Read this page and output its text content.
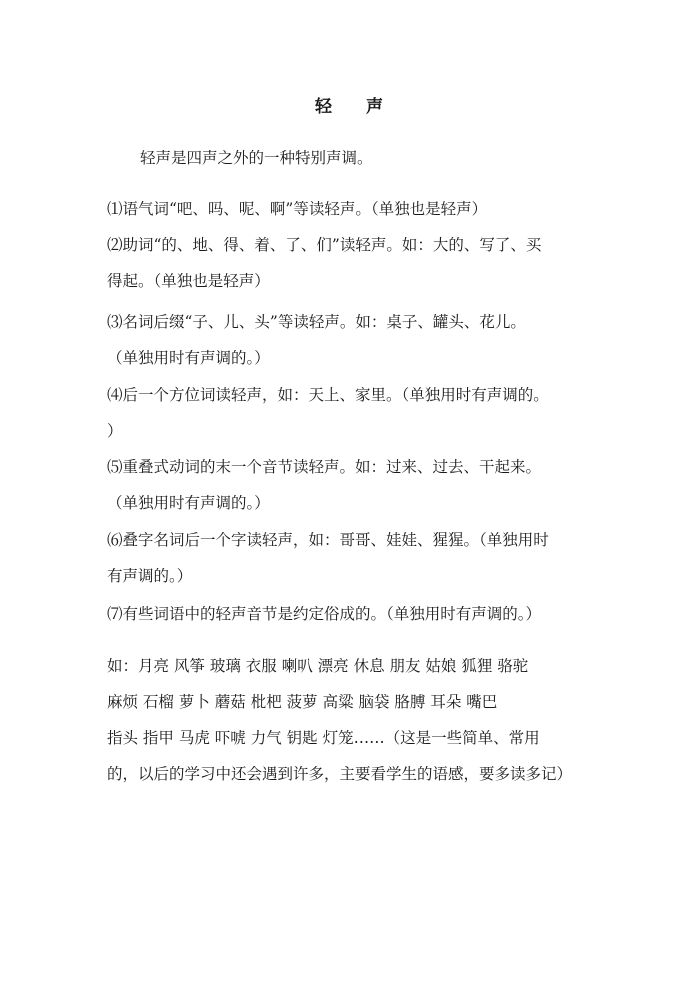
轻 声
轻声是四声之外的一种特别声调。
⑴语气词“吧、吗、呢、啊”等读轻声。（单独也是轻声）
⑵助词“的、地、得、着、了、们”读轻声。如：大的、写了、买
得起。（单独也是轻声）
⑶名词后缀“子、儿、头”等读轻声。如：桌子、罐头、花儿。
（单独用时有声调的。）
⑷后一个方位词读轻声，如：天上、家里。（单独用时有声调的。
）
⑸重叠式动词的末一个音节读轻声。如：过来、过去、干起来。
（单独用时有声调的。）
⑹叠字名词后一个字读轻声，如：哥哥、娃娃、猩猩。（单独用时
有声调的。）
⑺有些词语中的轻声音节是约定俗成的。（单独用时有声调的。）
如：月亮 风筝 玻璃 衣服 喇叭 漂亮 休息 朋友 姑娘 狐狸 骆驼
麻烦 石榴 萝卜 蘑菇 枇杷 菠萝 高粱 脑袋 胳膊 耳朵 嘴巴
指头 指甲 马虎 吓唬 力气 钥匙 灯笼……（这是一些简单、常用
的，以后的学习中还会遇到许多，主要看学生的语感，要多读多记）
